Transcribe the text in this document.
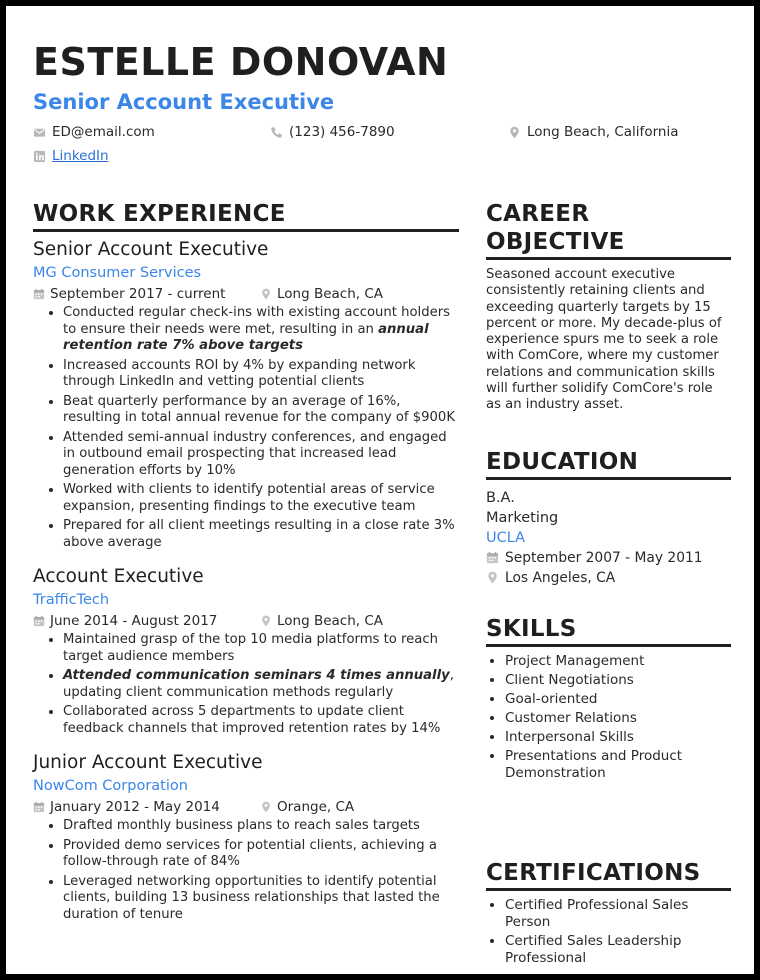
ESTELLE DONOVAN
Senior Account Executive
ED@email.com	(123) 456-7890	Long Beach, California
LinkedIn
WORK EXPERIENCE
Senior Account Executive
MG Consumer Services
September 2017 - current	Long Beach, CA
• Conducted regular check-ins with existing account holders to ensure their needs were met, resulting in an annual retention rate 7% above targets
• Increased accounts ROI by 4% by expanding network through LinkedIn and vetting potential clients
• Beat quarterly performance by an average of 16%, resulting in total annual revenue for the company of $900K
• Attended semi-annual industry conferences, and engaged in outbound email prospecting that increased lead generation efforts by 10%
• Worked with clients to identify potential areas of service expansion, presenting findings to the executive team
• Prepared for all client meetings resulting in a close rate 3% above average
Account Executive
TrafficTech
June 2014 - August 2017	Long Beach, CA
• Maintained grasp of the top 10 media platforms to reach target audience members
• Attended communication seminars 4 times annually, updating client communication methods regularly
• Collaborated across 5 departments to update client feedback channels that improved retention rates by 14%
Junior Account Executive
NowCom Corporation
January 2012 - May 2014	Orange, CA
• Drafted monthly business plans to reach sales targets
• Provided demo services for potential clients, achieving a follow-through rate of 84%
• Leveraged networking opportunities to identify potential clients, building 13 business relationships that lasted the duration of tenure
CAREER
OBJECTIVE
Seasoned account executive consistently retaining clients and exceeding quarterly targets by 15 percent or more. My decade-plus of experience spurs me to seek a role with ComCore, where my customer relations and communication skills will further solidify ComCore's role as an industry asset.
EDUCATION
B.A.
Marketing
UCLA
September 2007 - May 2011
Los Angeles, CA
SKILLS
• Project Management
• Client Negotiations
• Goal-oriented
• Customer Relations
• Interpersonal Skills
• Presentations and Product Demonstration
CERTIFICATIONS
• Certified Professional Sales Person
• Certified Sales Leadership Professional
